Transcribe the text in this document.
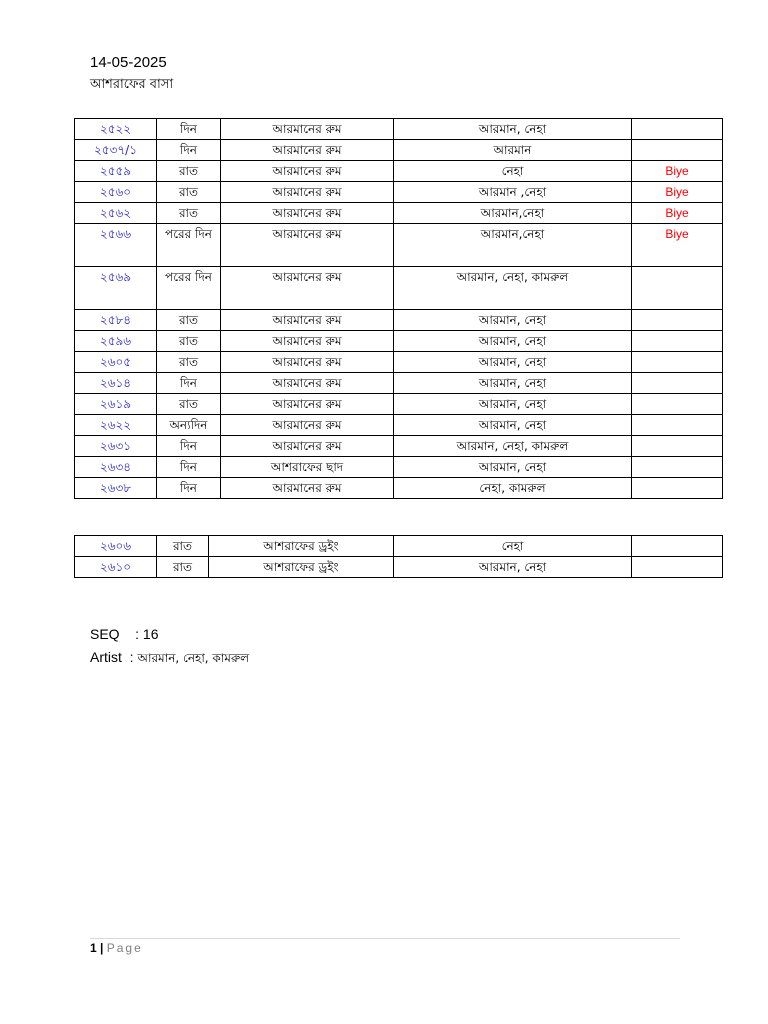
14-05-2025
আশরাফের বাসা
২৫২২	দিন	আরমানের রুম	আরমান, নেহা	
২৫৩৭/১	দিন	আরমানের রুম	আরমান	
২৫৫৯	রাত	আরমানের রুম	নেহা	Biye
২৫৬০	রাত	আরমানের রুম	আরমান ,নেহা	Biye
২৫৬২	রাত	আরমানের রুম	আরমান,নেহা	Biye
২৫৬৬	পরের দিন	আরমানের রুম	আরমান,নেহা	Biye
২৫৬৯	পরের দিন	আরমানের রুম	আরমান, নেহা, কামরুল	
২৫৮৪	রাত	আরমানের রুম	আরমান, নেহা	
২৫৯৬	রাত	আরমানের রুম	আরমান, নেহা	
২৬০৫	রাত	আরমানের রুম	আরমান, নেহা	
২৬১৪	দিন	আরমানের রুম	আরমান, নেহা	
২৬১৯	রাত	আরমানের রুম	আরমান, নেহা	
২৬২২	অন্যদিন	আরমানের রুম	আরমান, নেহা	
২৬৩১	দিন	আরমানের রুম	আরমান, নেহা, কামরুল	
২৬৩৪	দিন	আশরাফের ছাদ	আরমান, নেহা	
২৬৩৮	দিন	আরমানের রুম	নেহা, কামরুল	
২৬০৬	রাত	আশরাফের ড্রইং	নেহা	
২৬১০	রাত	আশরাফের ড্রইং	আরমান, নেহা	
SEQ    : 16
Artist  : আরমান, নেহা, কামরুল
1 | Page
